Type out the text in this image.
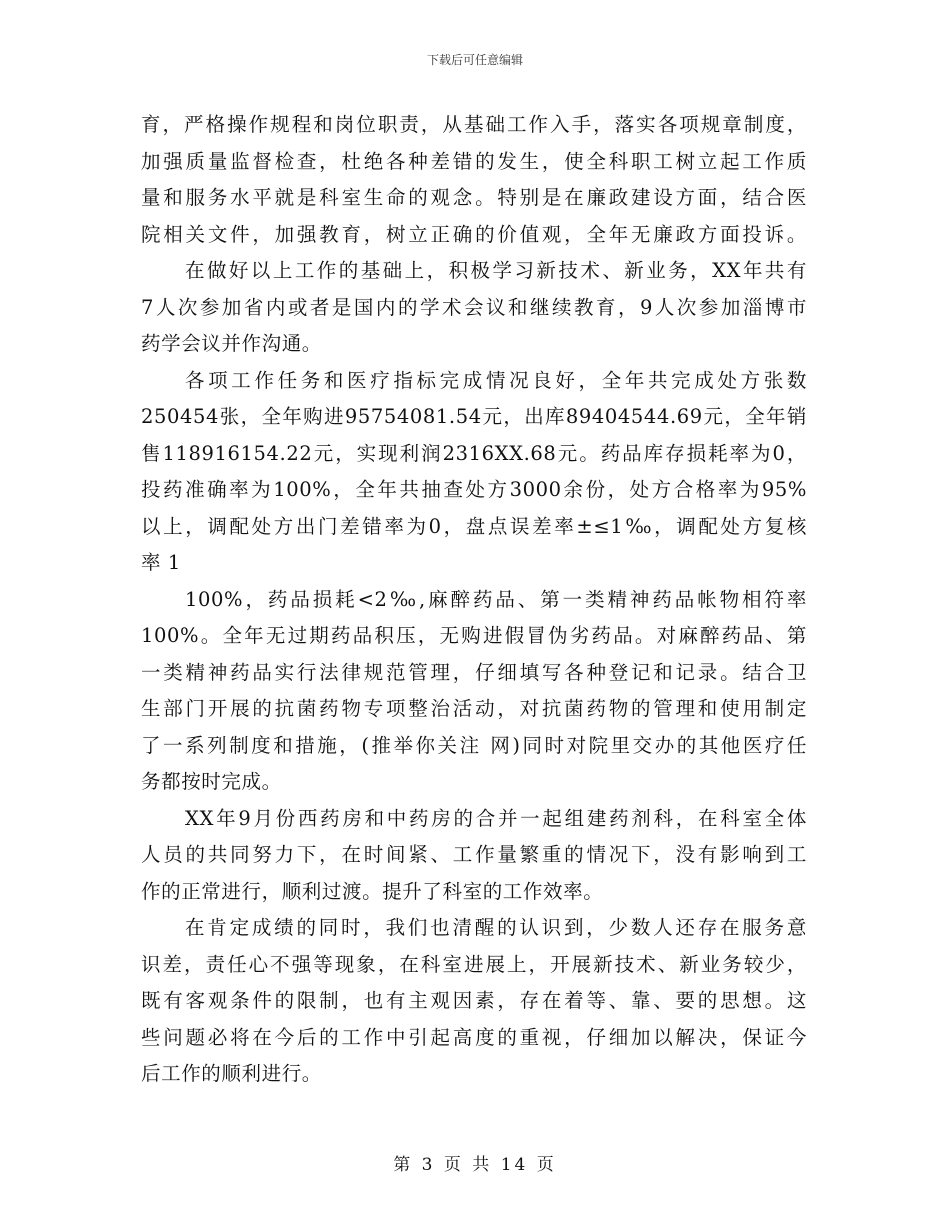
下载后可任意编辑
育，严格操作规程和岗位职责，从基础工作入手，落实各项规章制度，
加强质量监督检查，杜绝各种差错的发生，使全科职工树立起工作质
量和服务水平就是科室生命的观念。特别是在廉政建设方面，结合医
院相关文件，加强教育，树立正确的价值观，全年无廉政方面投诉。
在做好以上工作的基础上，积极学习新技术、新业务，XX年共有
7人次参加省内或者是国内的学术会议和继续教育，9人次参加淄博市
药学会议并作沟通。
各项工作任务和医疗指标完成情况良好，全年共完成处方张数
250454张，全年购进95754081.54元，出库89404544.69元，全年销
售118916154.22元，实现利润2316XX.68元。药品库存损耗率为0，
投药准确率为100%，全年共抽查处方3000余份，处方合格率为95%
以上，调配处方出门差错率为0，盘点误差率±≤1‰，调配处方复核
率 1
100%，药品损耗<2‰,麻醉药品、第一类精神药品帐物相符率
100%。全年无过期药品积压，无购进假冒伪劣药品。对麻醉药品、第
一类精神药品实行法律规范管理，仔细填写各种登记和记录。结合卫
生部门开展的抗菌药物专项整治活动，对抗菌药物的管理和使用制定
了一系列制度和措施，(推举你关注 网)同时对院里交办的其他医疗任
务都按时完成。
XX年9月份西药房和中药房的合并一起组建药剂科，在科室全体
人员的共同努力下，在时间紧、工作量繁重的情况下，没有影响到工
作的正常进行，顺利过渡。提升了科室的工作效率。
在肯定成绩的同时，我们也清醒的认识到，少数人还存在服务意
识差，责任心不强等现象，在科室进展上，开展新技术、新业务较少，
既有客观条件的限制，也有主观因素，存在着等、靠、要的思想。这
些问题必将在今后的工作中引起高度的重视，仔细加以解决，保证今
后工作的顺利进行。
第 3 页 共 14 页
